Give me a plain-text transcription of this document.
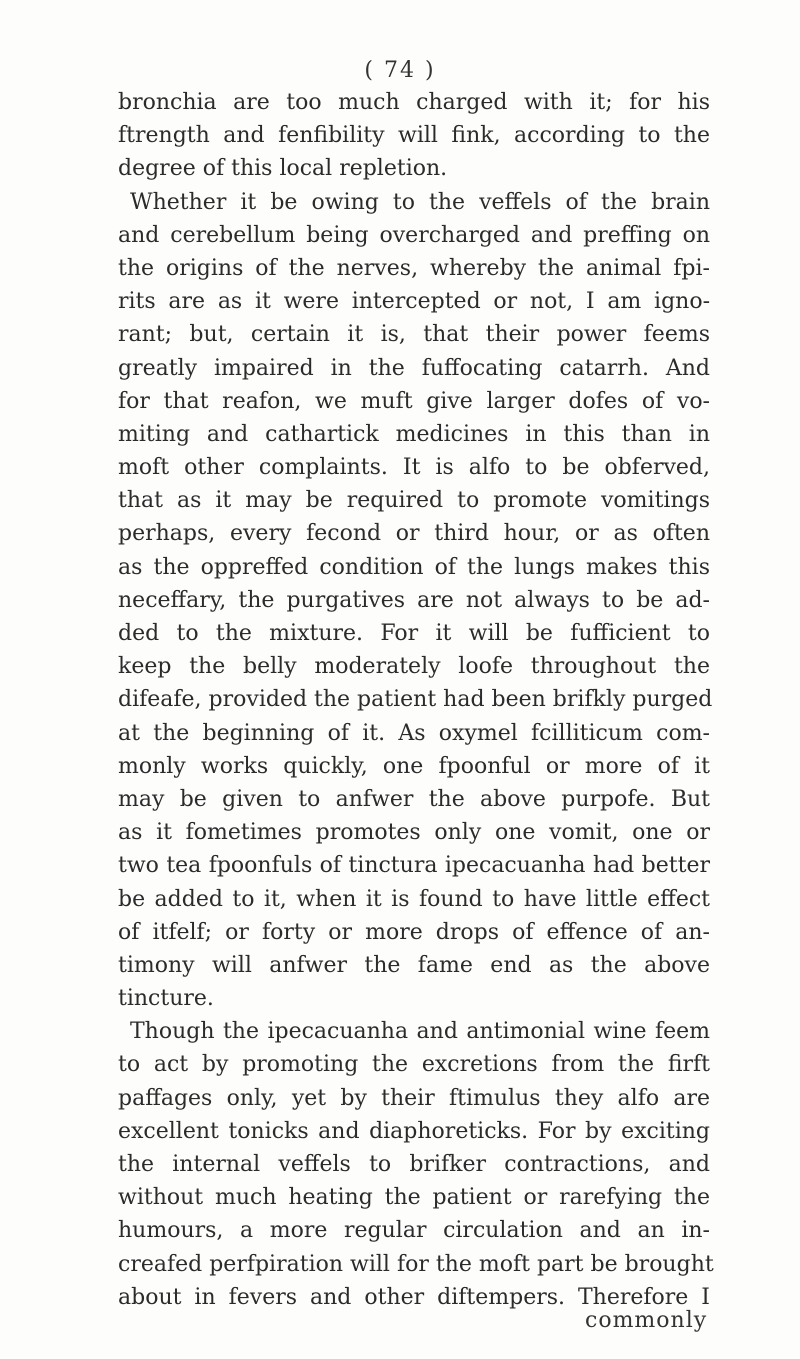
( 74 )
bronchia are too much charged with it; for his
ftrength and fenfibility will fink, according to the
degree of this local repletion.
Whether it be owing to the veffels of the brain
and cerebellum being overcharged and preffing on
the origins of the nerves, whereby the animal fpi-
rits are as it were intercepted or not, I am igno-
rant; but, certain it is, that their power feems
greatly impaired in the fuffocating catarrh. And
for that reafon, we muft give larger dofes of vo-
miting and cathartick medicines in this than in
moft other complaints. It is alfo to be obferved,
that as it may be required to promote vomitings
perhaps, every fecond or third hour, or as often
as the oppreffed condition of the lungs makes this
neceffary, the purgatives are not always to be ad-
ded to the mixture. For it will be fufficient to
keep the belly moderately loofe throughout the
difeafe, provided the patient had been brifkly purged
at the beginning of it. As oxymel fcilliticum com-
monly works quickly, one fpoonful or more of it
may be given to anfwer the above purpofe. But
as it fometimes promotes only one vomit, one or
two tea fpoonfuls of tinctura ipecacuanha had better
be added to it, when it is found to have little effect
of itfelf; or forty or more drops of effence of an-
timony will anfwer the fame end as the above
tincture.
Though the ipecacuanha and antimonial wine feem
to act by promoting the excretions from the firft
paffages only, yet by their ftimulus they alfo are
excellent tonicks and diaphoreticks. For by exciting
the internal veffels to brifker contractions, and
without much heating the patient or rarefying the
humours, a more regular circulation and an in-
creafed perfpiration will for the moft part be brought
about in fevers and other diftempers. Therefore I
commonly
